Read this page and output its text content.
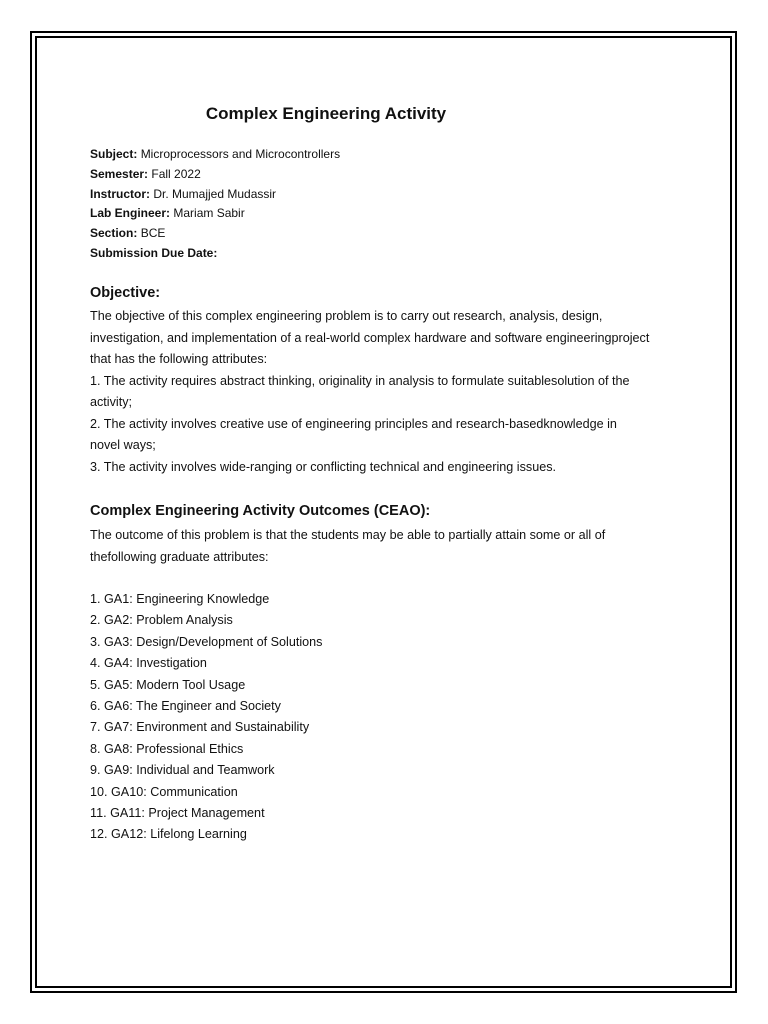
Complex Engineering Activity
Subject: Microprocessors and Microcontrollers
Semester: Fall 2022
Instructor: Dr. Mumajjed Mudassir
Lab Engineer: Mariam Sabir
Section: BCE
Submission Due Date:
Objective:

The objective of this complex engineering problem is to carry out research, analysis, design, investigation, and implementation of a real-world complex hardware and software engineeringproject that has the following attributes:

1. The activity requires abstract thinking, originality in analysis to formulate suitablesolution of the activity;

2. The activity involves creative use of engineering principles and research-basedknowledge in novel ways;

3. The activity involves wide-ranging or conflicting technical and engineering issues.

Complex Engineering Activity Outcomes (CEAO):

The outcome of this problem is that the students may be able to partially attain some or all of thefollowing graduate attributes:

1. GA1: Engineering Knowledge
2. GA2: Problem Analysis
3. GA3: Design/Development of Solutions
4. GA4: Investigation
5. GA5: Modern Tool Usage
6. GA6: The Engineer and Society
7. GA7: Environment and Sustainability
8. GA8: Professional Ethics
9. GA9: Individual and Teamwork
10. GA10: Communication
11. GA11: Project Management
12. GA12: Lifelong Learning
